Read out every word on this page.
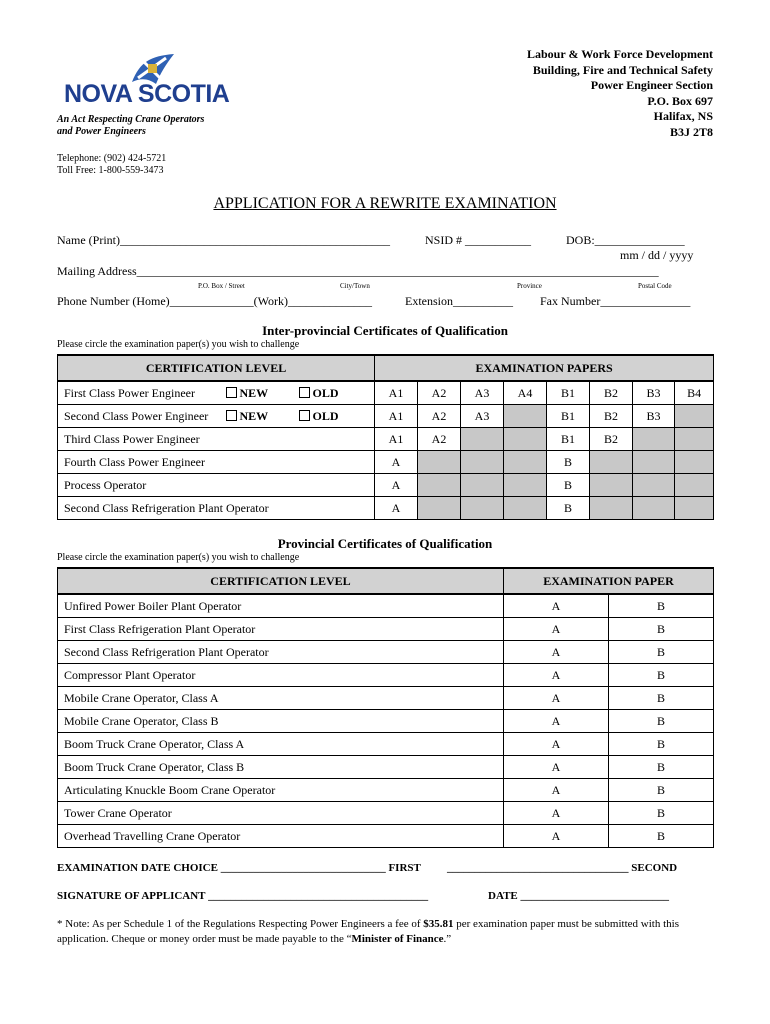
NOVA SCOTIA
An Act Respecting Crane Operators
and Power Engineers
Labour & Work Force Development
Building, Fire and Technical Safety
Power Engineer Section
P.O. Box 697
Halifax, NS
B3J 2T8
Telephone: (902) 424-5721
Toll Free: 1-800-559-3473
APPLICATION FOR A REWRITE EXAMINATION
Name (Print)_____________________________________________	NSID # ___________	DOB:_______________
mm / dd / yyyy
Mailing Address_______________________________________________________________________________________
P.O. Box / Street	City/Town	Province	Postal Code
Phone Number (Home)______________(Work)______________	Extension__________ Fax Number_______________
Inter-provincial Certificates of Qualification
Please circle the examination paper(s) you wish to challenge
CERTIFICATION LEVEL			EXAMINATION PAPERS							
First Class Power Engineer	NEW	OLD	A1	A2	A3	A4	B1	B2	B3	B4
Second Class Power Engineer	NEW	OLD	A1	A2	A3		B1	B2	B3	
Third Class Power Engineer			A1	A2			B1	B2		
Fourth Class Power Engineer			A				B			
Process Operator			A				B			
Second Class Refrigeration Plant Operator			A				B			
Provincial Certificates of Qualification
Please circle the examination paper(s) you wish to challenge
CERTIFICATION LEVEL	EXAMINATION PAPER	
Unfired Power Boiler Plant Operator	A	B
First Class Refrigeration Plant Operator	A	B
Second Class Refrigeration Plant Operator	A	B
Compressor Plant Operator	A	B
Mobile Crane Operator, Class A	A	B
Mobile Crane Operator, Class B	A	B
Boom Truck Crane Operator, Class A	A	B
Boom Truck Crane Operator, Class B	A	B
Articulating Knuckle Boom Crane Operator	A	B
Tower Crane Operator	A	B
Overhead Travelling Crane Operator	A	B
EXAMINATION DATE CHOICE ______________________________ FIRST _________________________________ SECOND
SIGNATURE OF APPLICANT ________________________________________	DATE ___________________________
* Note: As per Schedule 1 of the Regulations Respecting Power Engineers a fee of $35.81 per examination paper must be submitted with this application. Cheque or money order must be made payable to the “Minister of Finance.”
